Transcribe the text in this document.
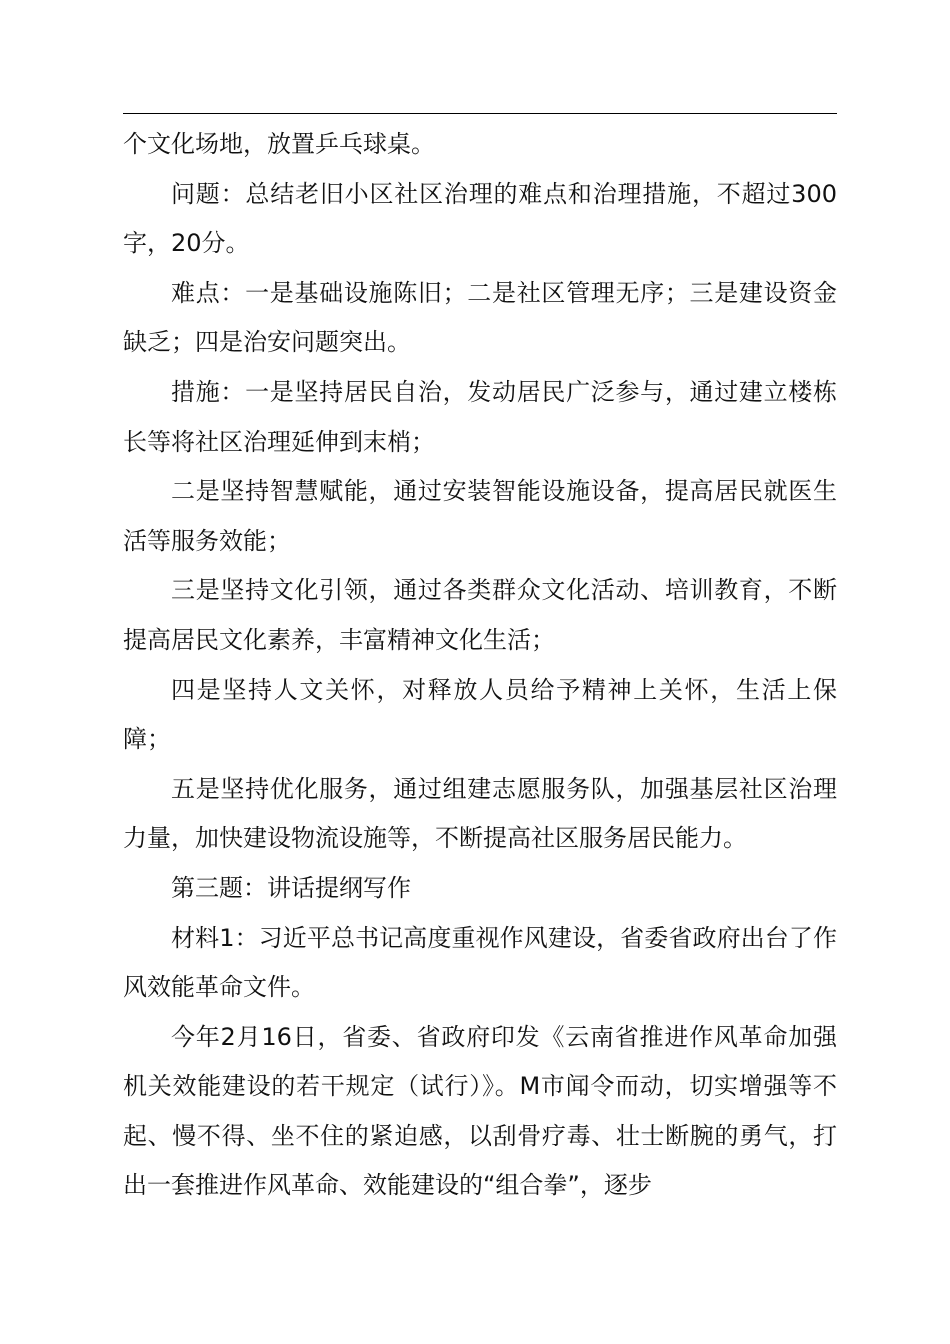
个文化场地，放置乒乓球桌。

问题：总结老旧小区社区治理的难点和治理措施，不超过300字，20分。

难点：一是基础设施陈旧；二是社区管理无序；三是建设资金缺乏；四是治安问题突出。

措施：一是坚持居民自治，发动居民广泛参与，通过建立楼栋长等将社区治理延伸到末梢；

二是坚持智慧赋能，通过安装智能设施设备，提高居民就医生活等服务效能；

三是坚持文化引领，通过各类群众文化活动、培训教育，不断提高居民文化素养，丰富精神文化生活；

四是坚持人文关怀，对释放人员给予精神上关怀，生活上保障；

五是坚持优化服务，通过组建志愿服务队，加强基层社区治理力量，加快建设物流设施等，不断提高社区服务居民能力。

第三题：讲话提纲写作

材料1：习近平总书记高度重视作风建设，省委省政府出台了作风效能革命文件。

今年2月16日，省委、省政府印发《云南省推进作风革命加强机关效能建设的若干规定（试行）》。M市闻令而动，切实增强等不起、慢不得、坐不住的紧迫感，以刮骨疗毒、壮士断腕的勇气，打出一套推进作风革命、效能建设的“组合拳”，逐步
